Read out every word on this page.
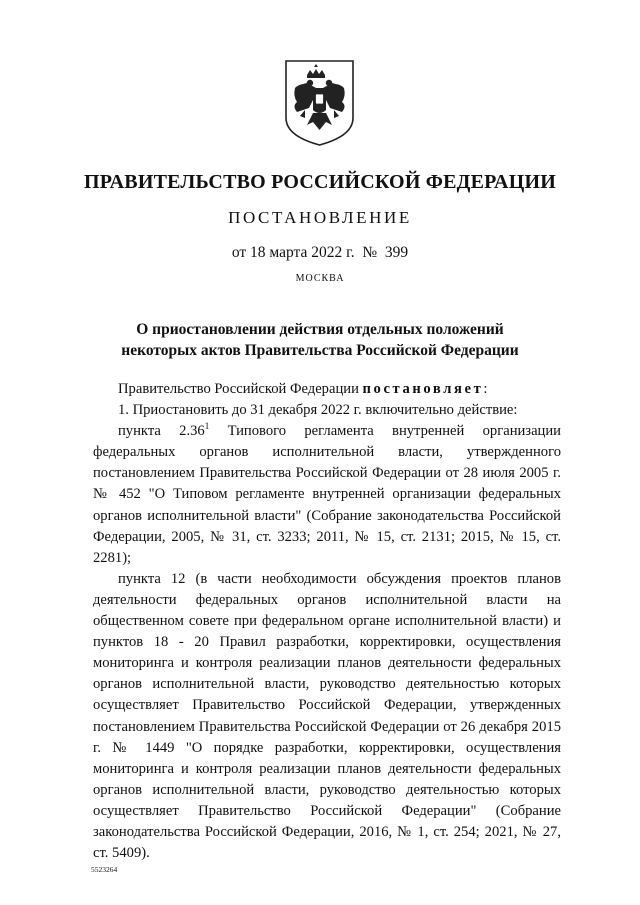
ПРАВИТЕЛЬСТВО РОССИЙСКОЙ ФЕДЕРАЦИИ
ПОСТАНОВЛЕНИЕ
от 18 марта 2022 г.  №  399
МОСКВА
О приостановлении действия отдельных положений
некоторых актов Правительства Российской Федерации

Правительство Российской Федерации постановляет:

1. Приостановить до 31 декабря 2022 г. включительно действие:

пункта 2.36$^1$ Типового регламента внутренней организации федеральных органов исполнительной власти, утвержденного постановлением Правительства Российской Федерации от 28 июля 2005 г. № 452 "О Типовом регламенте внутренней организации федеральных органов исполнительной власти" (Собрание законодательства Российской Федерации, 2005, № 31, ст. 3233; 2011, № 15, ст. 2131; 2015, № 15, ст. 2281);

пункта 12 (в части необходимости обсуждения проектов планов деятельности федеральных органов исполнительной власти на общественном совете при федеральном органе исполнительной власти) и пунктов 18 - 20 Правил разработки, корректировки, осуществления мониторинга и контроля реализации планов деятельности федеральных органов исполнительной власти, руководство деятельностью которых осуществляет Правительство Российской Федерации, утвержденных постановлением Правительства Российской Федерации от 26 декабря 2015 г. № 1449 "О порядке разработки, корректировки, осуществления мониторинга и контроля реализации планов деятельности федеральных органов исполнительной власти, руководство деятельностью которых осуществляет Правительство Российской Федерации" (Собрание законодательства Российской Федерации, 2016, № 1, ст. 254; 2021, № 27, ст. 5409).

5523264
